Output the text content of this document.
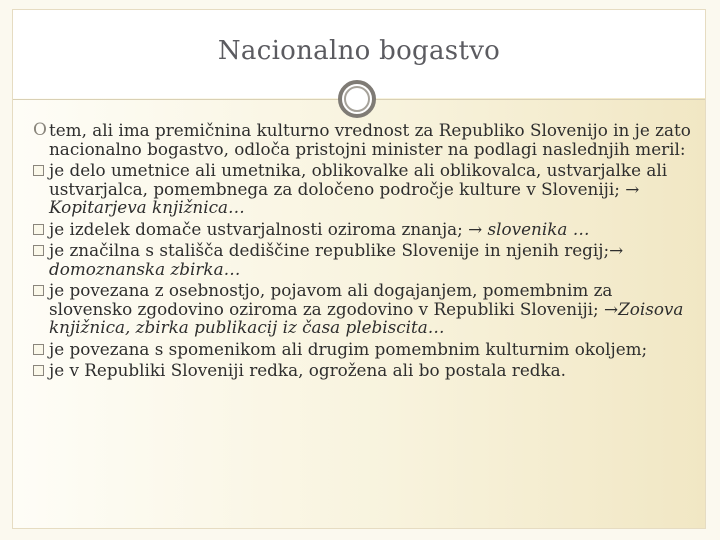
Nacionalno bogastvo
O tem, ali ima premičnina kulturno vrednost za Republiko Slovenijo in je zato nacionalno bogastvo, odloča pristojni minister na podlagi naslednjih meril:
je delo umetnice ali umetnika, oblikovalke ali oblikovalca, ustvarjalke ali ustvarjalca, pomembnega za določeno področje kulture v Sloveniji; → Kopitarjeva knjižnica…
je izdelek domače ustvarjalnosti oziroma znanja; → slovenika …
je značilna s stališča dediščine republike Slovenije in njenih regij;→ domoznanska zbirka…
je povezana z osebnostjo, pojavom ali dogajanjem, pomembnim za slovensko zgodovino oziroma za zgodovino v Republiki Sloveniji; →Zoisova knjižnica, zbirka publikacij iz časa plebiscita…
je povezana s spomenikom ali drugim pomembnim kulturnim okoljem;
je v Republiki Sloveniji redka, ogrožena ali bo postala redka.
